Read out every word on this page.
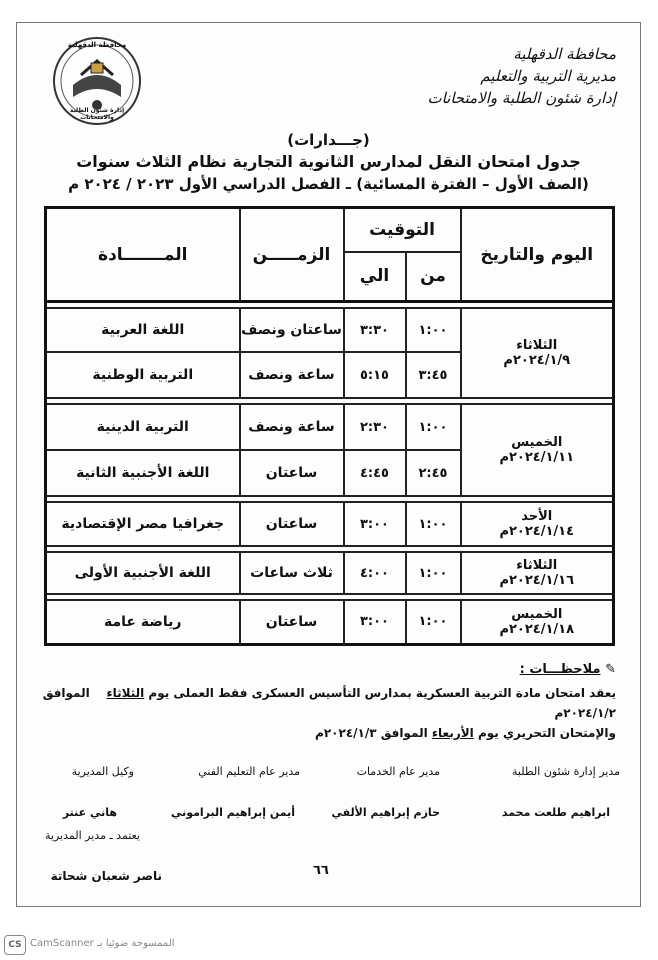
محافظة الدقهلية
إدارة شئون الطلبة والامتحانات
محافظة الدقهلية
مديرية التربية والتعليم
إدارة شئون الطلبة والامتحانات
(جـــدارات)
جدول امتحان النقل لمدارس الثانوية التجارية نظام الثلاث سنوات
(الصف الأول – الفترة المسائية) ـ الفصل الدراسي الأول ٢٠٢٣ / ٢٠٢٤ م
اليوم والتاريخ	التوقيت		الزمـــــن	المـــــــادة
	من	الي		

الثلاثاء
٢٠٢٤/١/٩م	١:٠٠	٣:٣٠	ساعتان ونصف	اللغة العربية
	٣:٤٥	٥:١٥	ساعة ونصف	التربية الوطنية

الخميس
٢٠٢٤/١/١١م	١:٠٠	٢:٣٠	ساعة ونصف	التربية الدينية
	٢:٤٥	٤:٤٥	ساعتان	اللغة الأجنبية الثانية

الأحد
٢٠٢٤/١/١٤م	١:٠٠	٣:٠٠	ساعتان	جغرافيا مصر الإقتصادية

الثلاثاء
٢٠٢٤/١/١٦م	١:٠٠	٤:٠٠	ثلاث ساعات	اللغة الأجنبية الأولى

الخميس
٢٠٢٤/١/١٨م	١:٠٠	٣:٠٠	ساعتان	رياضة عامة
✎ ملاحظـــات :
يعقد امتحان مادة التربية العسكرية بمدارس التأسيس العسكرى فقط العملى يوم الثلاثاء    الموافق ٢٠٢٤/١/٢م
والإمتحان التحريري يوم الأربعاء الموافق ٢٠٢٤/١/٣م
مدير إدارة شئون الطلبة
مدير عام الخدمات
مدير عام التعليم الفني
وكيل المديرية
ابراهيم طلعت محمد
حازم إبراهيم الألفي
أيمن إبراهيم البراموني
هاني عنتر
يعتمد ـ مدير المديرية
ناصر شعبان شحاتة	٦٦
CS الممسوحة ضوئيا بـ CamScanner
